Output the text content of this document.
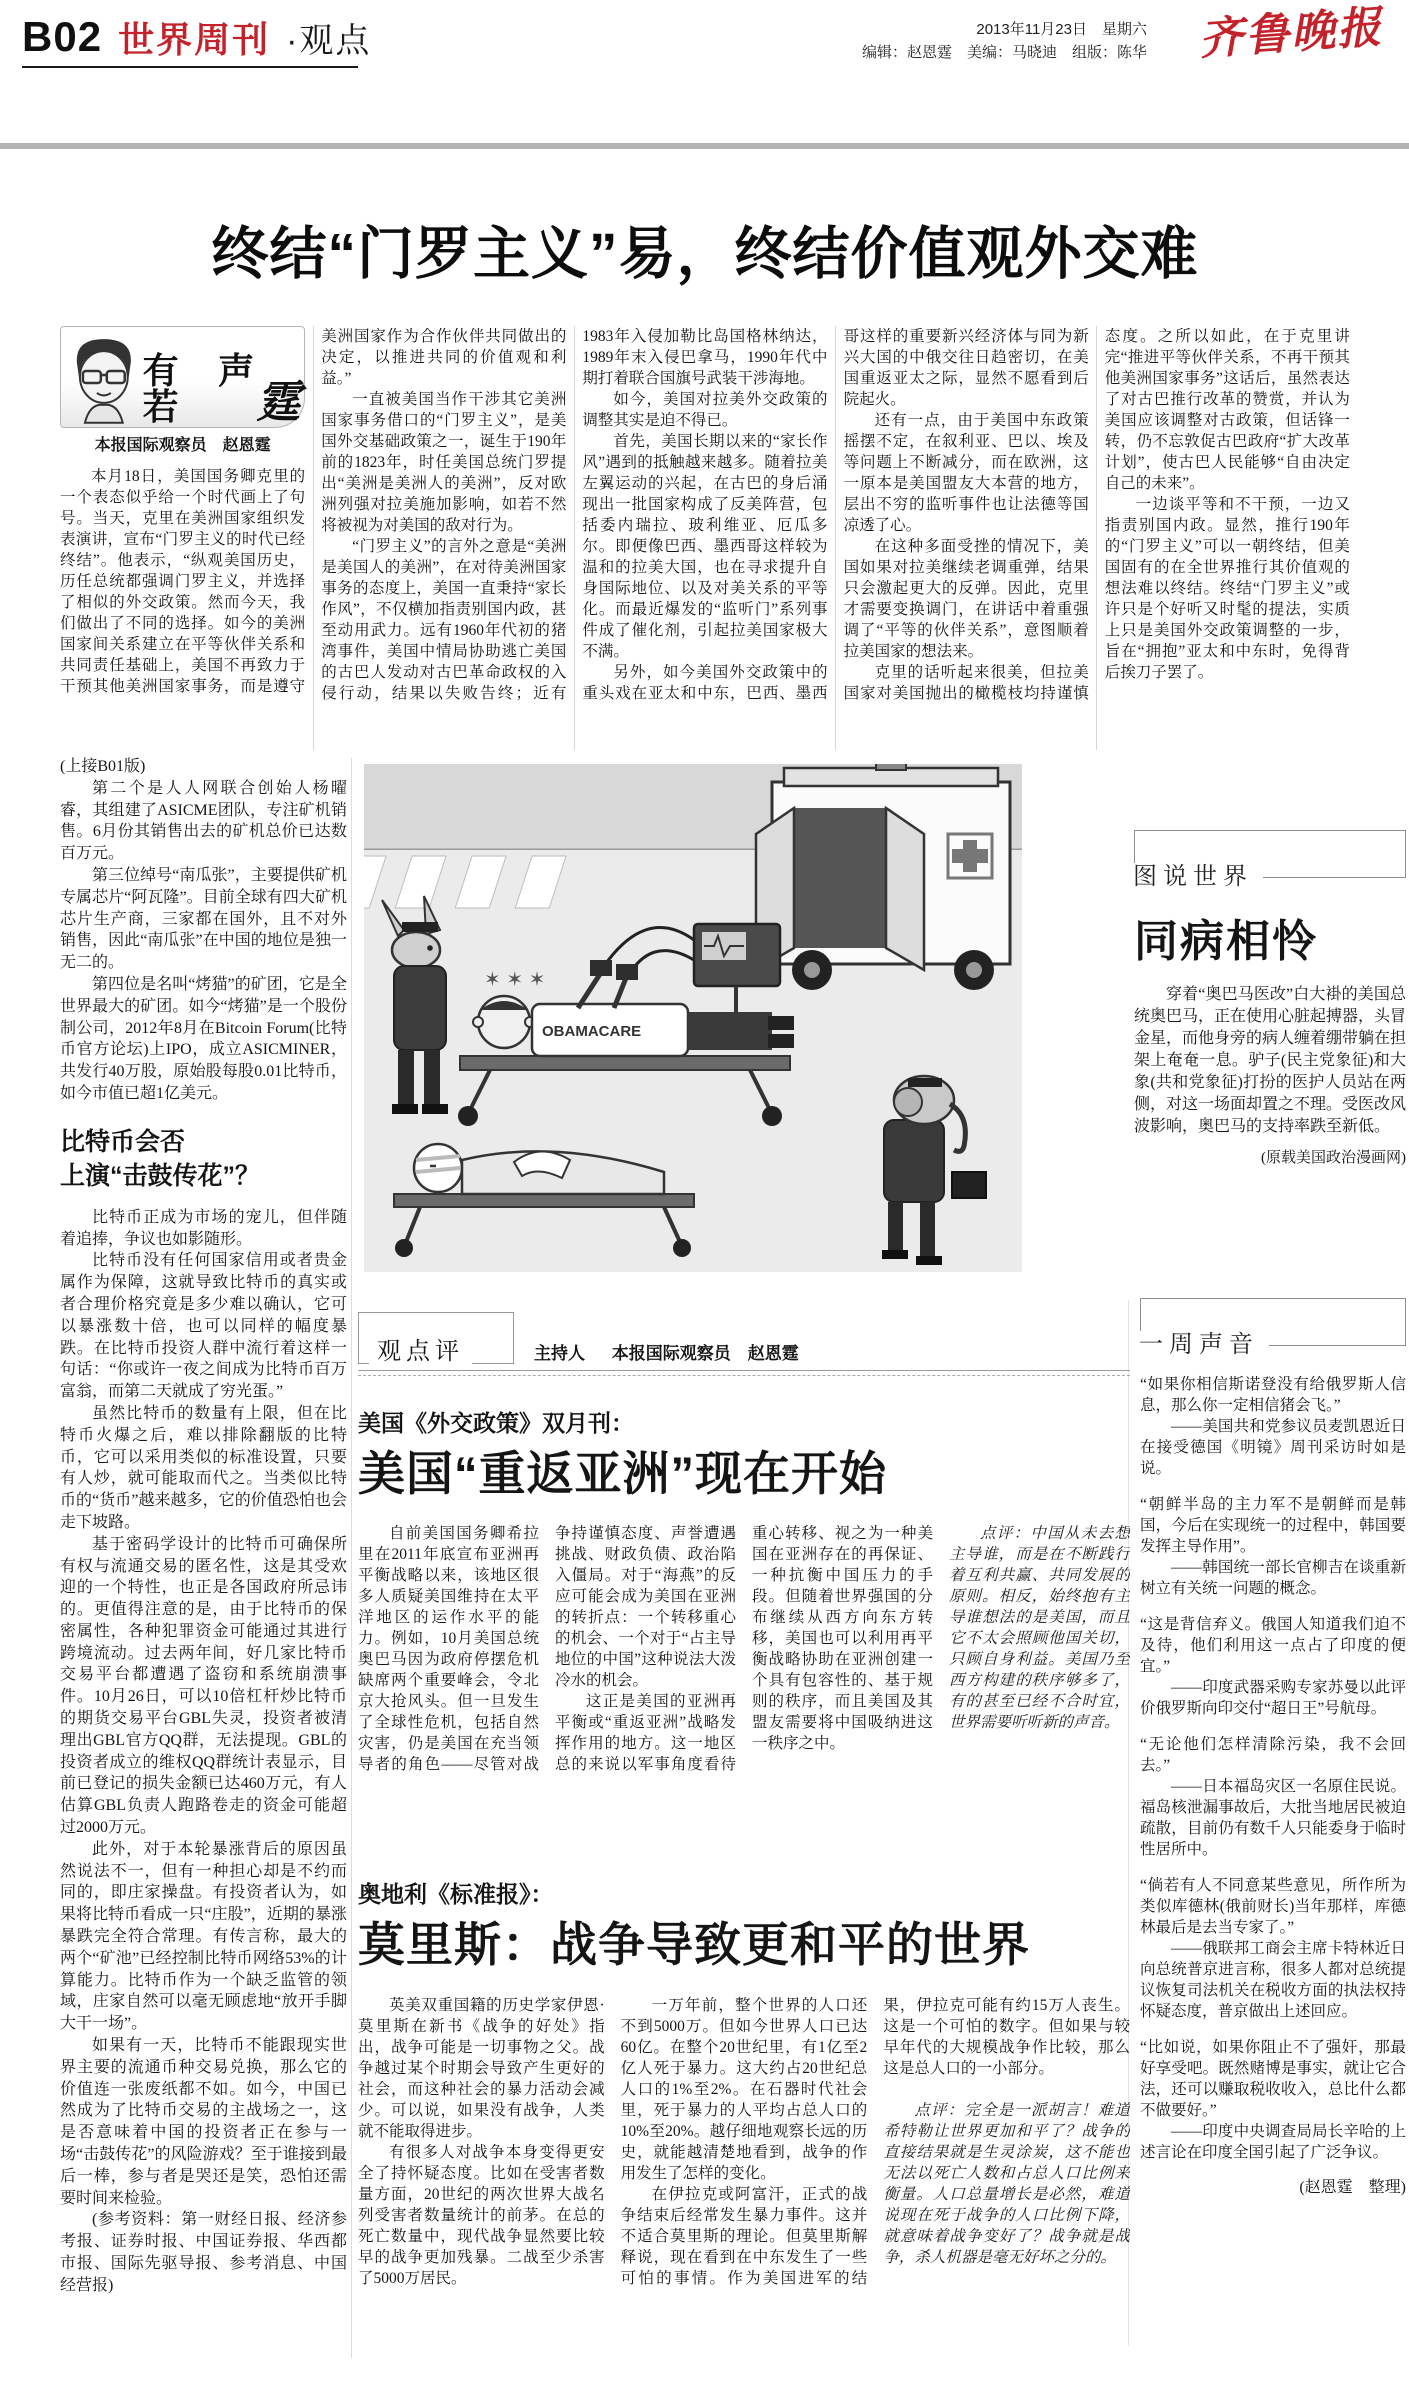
B02 世界周刊 ·观点	2013年11月23日　星期六
编辑：赵恩霆　美编：马晓迪　组版：陈华 齐鲁晚报
终结“门罗主义”易，终结价值观外交难
有声若	霆
本报国际观察员　赵恩霆

本月18日，美国国务卿克里的一个表态似乎给一个时代画上了句号。当天，克里在美洲国家组织发表演讲，宣布“门罗主义的时代已经终结”。他表示，“纵观美国历史，历任总统都强调门罗主义，并选择了相似的外交政策。然而今天，我们做出了不同的选择。如今的美洲国家间关系建立在平等伙伴关系和共同责任基础上，美国不再致力于干预其他美洲国家事务，而是遵守美洲国家作为合作伙伴共同做出的决定，以推进共同的价值观和利益。”

一直被美国当作干涉其它美洲国家事务借口的“门罗主义”，是美国外交基础政策之一，诞生于190年前的1823年，时任美国总统门罗提出“美洲是美洲人的美洲”，反对欧洲列强对拉美施加影响，如若不然将被视为对美国的敌对行为。

“门罗主义”的言外之意是“美洲是美国人的美洲”，在对待美洲国家事务的态度上，美国一直秉持“家长作风”，不仅横加指责别国内政，甚至动用武力。远有1960年代初的猪湾事件，美国中情局协助逃亡美国的古巴人发动对古巴革命政权的入侵行动，结果以失败告终；近有1983年入侵加勒比岛国格林纳达，1989年末入侵巴拿马，1990年代中期打着联合国旗号武装干涉海地。

如今，美国对拉美外交政策的调整其实是迫不得已。

首先，美国长期以来的“家长作风”遇到的抵触越来越多。随着拉美左翼运动的兴起，在古巴的身后涌现出一批国家构成了反美阵营，包括委内瑞拉、玻利维亚、厄瓜多尔。即便像巴西、墨西哥这样较为温和的拉美大国，也在寻求提升自身国际地位、以及对美关系的平等化。而最近爆发的“监听门”系列事件成了催化剂，引起拉美国家极大不满。

另外，如今美国外交政策中的重头戏在亚太和中东，巴西、墨西哥这样的重要新兴经济体与同为新兴大国的中俄交往日趋密切，在美国重返亚太之际，显然不愿看到后院起火。

还有一点，由于美国中东政策摇摆不定，在叙利亚、巴以、埃及等问题上不断减分，而在欧洲，这一原本是美国盟友大本营的地方，层出不穷的监听事件也让法德等国凉透了心。

在这种多面受挫的情况下，美国如果对拉美继续老调重弹，结果只会激起更大的反弹。因此，克里才需要变换调门，在讲话中着重强调了“平等的伙伴关系”，意图顺着拉美国家的想法来。

克里的话听起来很美，但拉美国家对美国抛出的橄榄枝均持谨慎态度。之所以如此，在于克里讲完“推进平等伙伴关系，不再干预其他美洲国家事务”这话后，虽然表达了对古巴推行改革的赞赏，并认为美国应该调整对古政策，但话锋一转，仍不忘敦促古巴政府“扩大改革计划”，使古巴人民能够“自由决定自己的未来”。

一边谈平等和不干预，一边又指责别国内政。显然，推行190年的“门罗主义”可以一朝终结，但美国固有的在全世界推行其价值观的想法难以终结。终结“门罗主义”或许只是个好听又时髦的提法，实质上只是美国外交政策调整的一步，旨在“拥抱”亚太和中东时，免得背后挨刀子罢了。

(上接B01版)

第二个是人人网联合创始人杨曜睿，其组建了ASICME团队，专注矿机销售。6月份其销售出去的矿机总价已达数百万元。

第三位绰号“南瓜张”，主要提供矿机专属芯片“阿瓦隆”。目前全球有四大矿机芯片生产商，三家都在国外，且不对外销售，因此“南瓜张”在中国的地位是独一无二的。

第四位是名叫“烤猫”的矿团，它是全世界最大的矿团。如今“烤猫”是一个股份制公司，2012年8月在Bitcoin Forum(比特币官方论坛)上IPO，成立ASICMINER，共发行40万股，原始股每股0.01比特币，如今市值已超1亿美元。

比特币会否
上演“击鼓传花”？

比特币正成为市场的宠儿，但伴随着追捧，争议也如影随形。

比特币没有任何国家信用或者贵金属作为保障，这就导致比特币的真实或者合理价格究竟是多少难以确认，它可以暴涨数十倍，也可以同样的幅度暴跌。在比特币投资人群中流行着这样一句话：“你或许一夜之间成为比特币百万富翁，而第二天就成了穷光蛋。”

虽然比特币的数量有上限，但在比特币火爆之后，难以排除翻版的比特币，它可以采用类似的标准设置，只要有人炒，就可能取而代之。当类似比特币的“货币”越来越多，它的价值恐怕也会走下坡路。

基于密码学设计的比特币可确保所有权与流通交易的匿名性，这是其受欢迎的一个特性，也正是各国政府所忌讳的。更值得注意的是，由于比特币的保密属性，各种犯罪资金可能通过其进行跨境流动。过去两年间，好几家比特币交易平台都遭遇了盗窃和系统崩溃事件。10月26日，可以10倍杠杆炒比特币的期货交易平台GBL失灵，投资者被清理出GBL官方QQ群，无法提现。GBL的投资者成立的维权QQ群统计表显示，目前已登记的损失金额已达460万元，有人估算GBL负责人跑路卷走的资金可能超过2000万元。

此外，对于本轮暴涨背后的原因虽然说法不一，但有一种担心却是不约而同的，即庄家操盘。有投资者认为，如果将比特币看成一只“庄股”，近期的暴涨暴跌完全符合常理。有传言称，最大的两个“矿池”已经控制比特币网络53%的计算能力。比特币作为一个缺乏监管的领域，庄家自然可以毫无顾虑地“放开手脚大干一场”。

如果有一天，比特币不能跟现实世界主要的流通币种交易兑换，那么它的价值连一张废纸都不如。如今，中国已然成为了比特币交易的主战场之一，这是否意味着中国的投资者正在参与一场“击鼓传花”的风险游戏？至于谁接到最后一棒，参与者是哭还是笑，恐怕还需要时间来检验。

(参考资料：第一财经日报、经济参考报、证券时报、中国证券报、华西都市报、国际先驱导报、参考消息、中国经营报)

✶ ✶ ✶
OBAMACARE
图说世界
同病相怜

穿着“奥巴马医改”白大褂的美国总统奥巴马，正在使用心脏起搏器，头冒金星，而他身旁的病人缠着绷带躺在担架上奄奄一息。驴子(民主党象征)和大象(共和党象征)打扮的医护人员站在两侧，对这一场面却置之不理。受医改风波影响，奥巴马的支持率跌至新低。

(原载美国政治漫画网)
观点评	主持人 本报国际观察员　赵恩霆

美国《外交政策》双月刊：

美国“重返亚洲”现在开始

自前美国国务卿希拉里在2011年底宣布亚洲再平衡战略以来，该地区很多人质疑美国维持在太平洋地区的运作水平的能力。例如，10月美国总统奥巴马因为政府停摆危机缺席两个重要峰会，令北京大抢风头。但一旦发生了全球性危机，包括自然灾害，仍是美国在充当领导者的角色——尽管对战争持谨慎态度、声誉遭遇挑战、财政负债、政治陷入僵局。对于“海燕”的反应可能会成为美国在亚洲的转折点：一个转移重心的机会、一个对于“占主导地位的中国”这种说法大泼冷水的机会。

这正是美国的亚洲再平衡或“重返亚洲”战略发挥作用的地方。这一地区总的来说以军事角度看待重心转移、视之为一种美国在亚洲存在的再保证、一种抗衡中国压力的手段。但随着世界强国的分布继续从西方向东方转移，美国也可以利用再平衡战略协助在亚洲创建一个具有包容性的、基于规则的秩序，而且美国及其盟友需要将中国吸纳进这一秩序之中。

点评：中国从未去想主导谁，而是在不断践行着互利共赢、共同发展的原则。相反，始终抱有主导谁想法的是美国，而且它不太会照顾他国关切，只顾自身利益。美国乃至西方构建的秩序够多了，有的甚至已经不合时宜，世界需要听听新的声音。

奥地利《标准报》：

莫里斯：战争导致更和平的世界

英美双重国籍的历史学家伊恩·莫里斯在新书《战争的好处》指出，战争可能是一切事物之父。战争越过某个时期会导致产生更好的社会，而这种社会的暴力活动会减少。可以说，如果没有战争，人类就不能取得进步。

有很多人对战争本身变得更安全了持怀疑态度。比如在受害者数量方面，20世纪的两次世界大战名列受害者数量统计的前茅。在总的死亡数量中，现代战争显然要比较早的战争更加残暴。二战至少杀害了5000万居民。

一万年前，整个世界的人口还不到5000万。但如今世界人口已达60亿。在整个20世纪里，有1亿至2亿人死于暴力。这大约占20世纪总人口的1%至2%。在石器时代社会里，死于暴力的人平均占总人口的10%至20%。越仔细地观察长远的历史，就能越清楚地看到，战争的作用发生了怎样的变化。

在伊拉克或阿富汗，正式的战争结束后经常发生暴力事件。这并不适合莫里斯的理论。但莫里斯解释说，现在看到在中东发生了一些可怕的事情。作为美国进军的结果，伊拉克可能有约15万人丧生。这是一个可怕的数字。但如果与较早年代的大规模战争作比较，那么这是总人口的一小部分。

点评：完全是一派胡言！难道希特勒让世界更加和平了？战争的直接结果就是生灵涂炭，这不能也无法以死亡人数和占总人口比例来衡量。人口总量增长是必然，难道说现在死于战争的人口比例下降，就意味着战争变好了？战争就是战争，杀人机器是毫无好坏之分的。

一周声音

“如果你相信斯诺登没有给俄罗斯人信息，那么你一定相信猪会飞。”

——美国共和党参议员麦凯恩近日在接受德国《明镜》周刊采访时如是说。

“朝鲜半岛的主力军不是朝鲜而是韩国，今后在实现统一的过程中，韩国要发挥主导作用”。

——韩国统一部长官柳吉在谈重新树立有关统一问题的概念。

“这是背信弃义。俄国人知道我们迫不及待，他们利用这一点占了印度的便宜。”

——印度武器采购专家苏曼以此评价俄罗斯向印交付“超日王”号航母。

“无论他们怎样清除污染，我不会回去。”

——日本福岛灾区一名原住民说。福岛核泄漏事故后，大批当地居民被迫疏散，目前仍有数千人只能委身于临时性居所中。

“倘若有人不同意某些意见，所作所为类似库德林(俄前财长)当年那样，库德林最后是去当专家了。”

——俄联邦工商会主席卡特林近日向总统普京进言称，很多人都对总统提议恢复司法机关在税收方面的执法权持怀疑态度，普京做出上述回应。

“比如说，如果你阻止不了强奸，那最好享受吧。既然赌博是事实，就让它合法，还可以赚取税收收入，总比什么都不做要好。”

——印度中央调查局局长辛哈的上述言论在印度全国引起了广泛争议。

(赵恩霆　整理)
